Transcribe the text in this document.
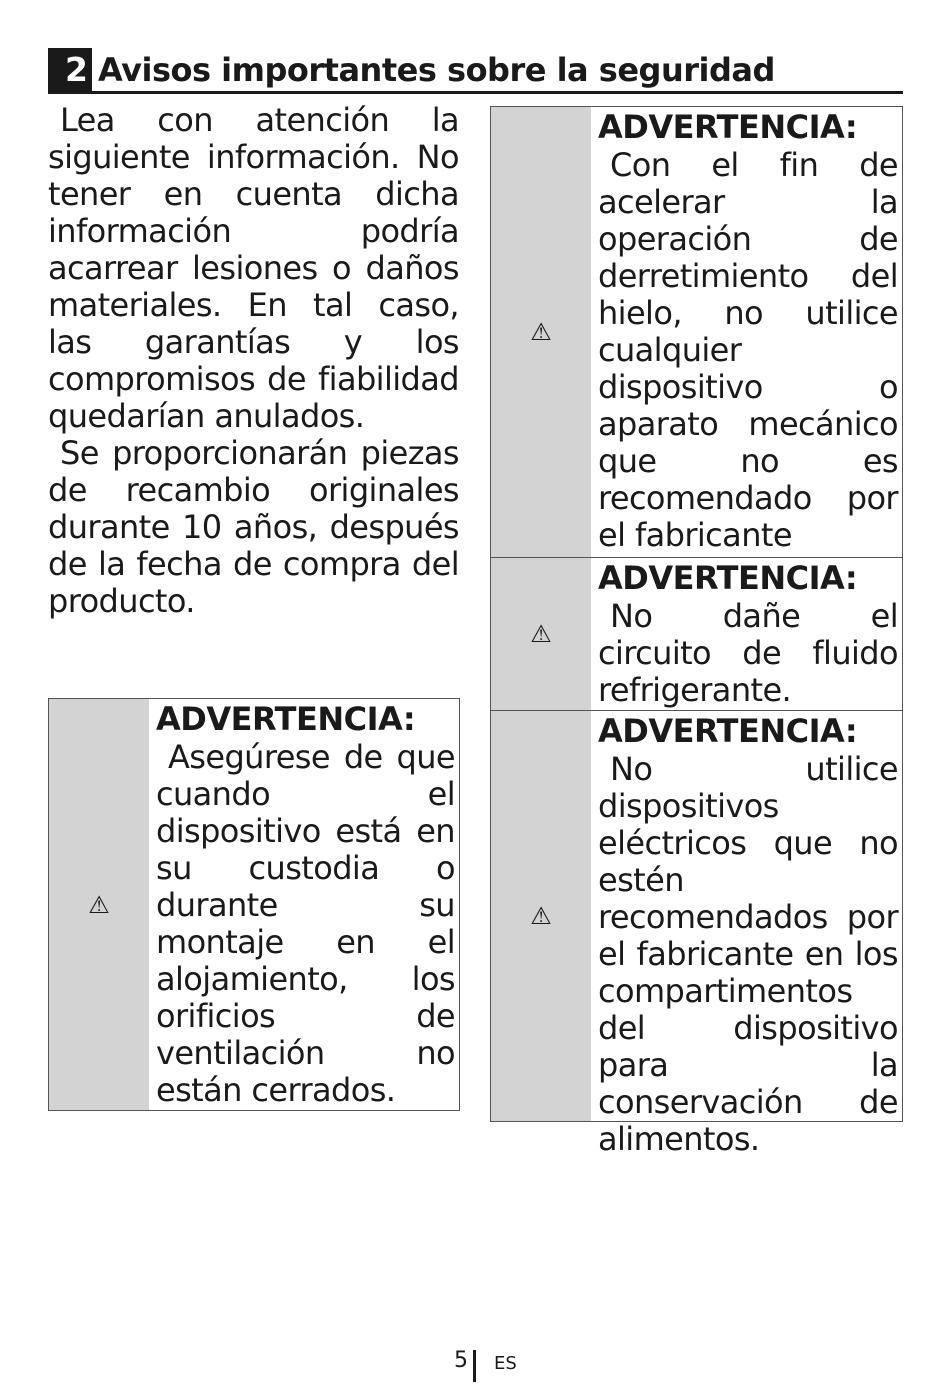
2 Avisos importantes sobre la seguridad

Lea con atención la siguiente información. No tener en cuenta dicha información podría acarrear lesiones o daños materiales. En tal caso, las garantías y los compromisos de fiabilidad quedarían anulados.

Se proporcionarán piezas de recambio originales durante 10 años, después de la fecha de compra del producto.

⚠

ADVERTENCIA:

Asegúrese de que cuando el dispositivo está en su custodia o durante su montaje en el alojamiento, los orificios de ventilación no están cerrados.

⚠

ADVERTENCIA:

Con el fin de acelerar la operación de derretimiento del hielo, no utilice cualquier dispositivo o aparato mecánico que no es recomendado por el fabricante

⚠

ADVERTENCIA:

No dañe el circuito de fluido refrigerante.

⚠

ADVERTENCIA:

No utilice dispositivos eléctricos que no estén recomendados por el fabricante en los compartimentos del dispositivo para la conservación de alimentos.

5 ES
